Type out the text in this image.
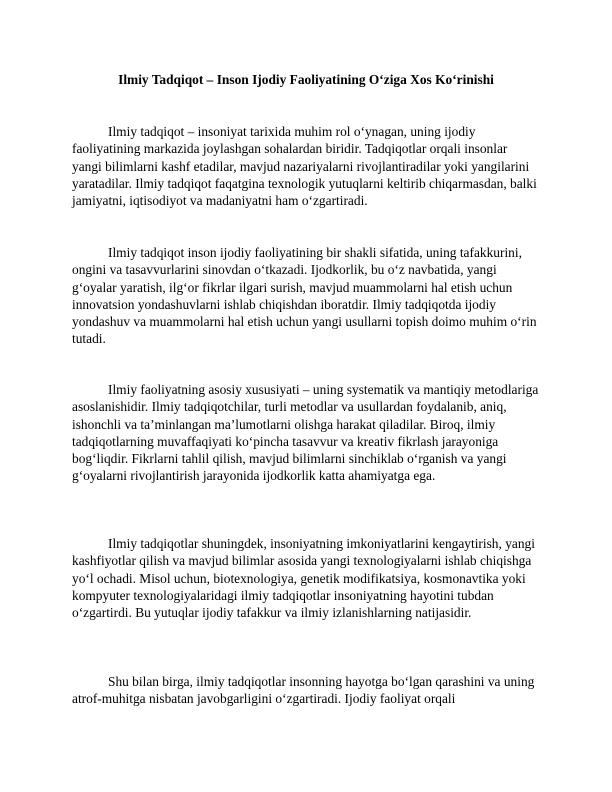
Ilmiy Tadqiqot – Inson Ijodiy Faoliyatining O‘ziga Xos Ko‘rinishi

Ilmiy tadqiqot – insoniyat tarixida muhim rol o‘ynagan, uning ijodiy faoliyatining markazida joylashgan sohalardan biridir. Tadqiqotlar orqali insonlar yangi bilimlarni kashf etadilar, mavjud nazariyalarni rivojlantiradilar yoki yangilarini yaratadilar. Ilmiy tadqiqot faqatgina texnologik yutuqlarni keltirib chiqarmasdan, balki jamiyatni, iqtisodiyot va madaniyatni ham o‘zgartiradi.

Ilmiy tadqiqot inson ijodiy faoliyatining bir shakli sifatida, uning tafakkurini, ongini va tasavvurlarini sinovdan o‘tkazadi. Ijodkorlik, bu o‘z navbatida, yangi g‘oyalar yaratish, ilg‘or fikrlar ilgari surish, mavjud muammolarni hal etish uchun innovatsion yondashuvlarni ishlab chiqishdan iboratdir. Ilmiy tadqiqotda ijodiy yondashuv va muammolarni hal etish uchun yangi usullarni topish doimo muhim o‘rin tutadi.

Ilmiy faoliyatning asosiy xususiyati – uning systematik va mantiqiy metodlariga asoslanishidir. Ilmiy tadqiqotchilar, turli metodlar va usullardan foydalanib, aniq, ishonchli va ta’minlangan ma’lumotlarni olishga harakat qiladilar. Biroq, ilmiy tadqiqotlarning muvaffaqiyati ko‘pincha tasavvur va kreativ fikrlash jarayoniga bog‘liqdir. Fikrlarni tahlil qilish, mavjud bilimlarni sinchiklab o‘rganish va yangi g‘oyalarni rivojlantirish jarayonida ijodkorlik katta ahamiyatga ega.

Ilmiy tadqiqotlar shuningdek, insoniyatning imkoniyatlarini kengaytirish, yangi kashfiyotlar qilish va mavjud bilimlar asosida yangi texnologiyalarni ishlab chiqishga yo‘l ochadi. Misol uchun, biotexnologiya, genetik modifikatsiya, kosmonavtika yoki kompyuter texnologiyalaridagi ilmiy tadqiqotlar insoniyatning hayotini tubdan o‘zgartirdi. Bu yutuqlar ijodiy tafakkur va ilmiy izlanishlarning natijasidir.

Shu bilan birga, ilmiy tadqiqotlar insonning hayotga bo‘lgan qarashini va uning atrof-muhitga nisbatan javobgarligini o‘zgartiradi. Ijodiy faoliyat orqali
